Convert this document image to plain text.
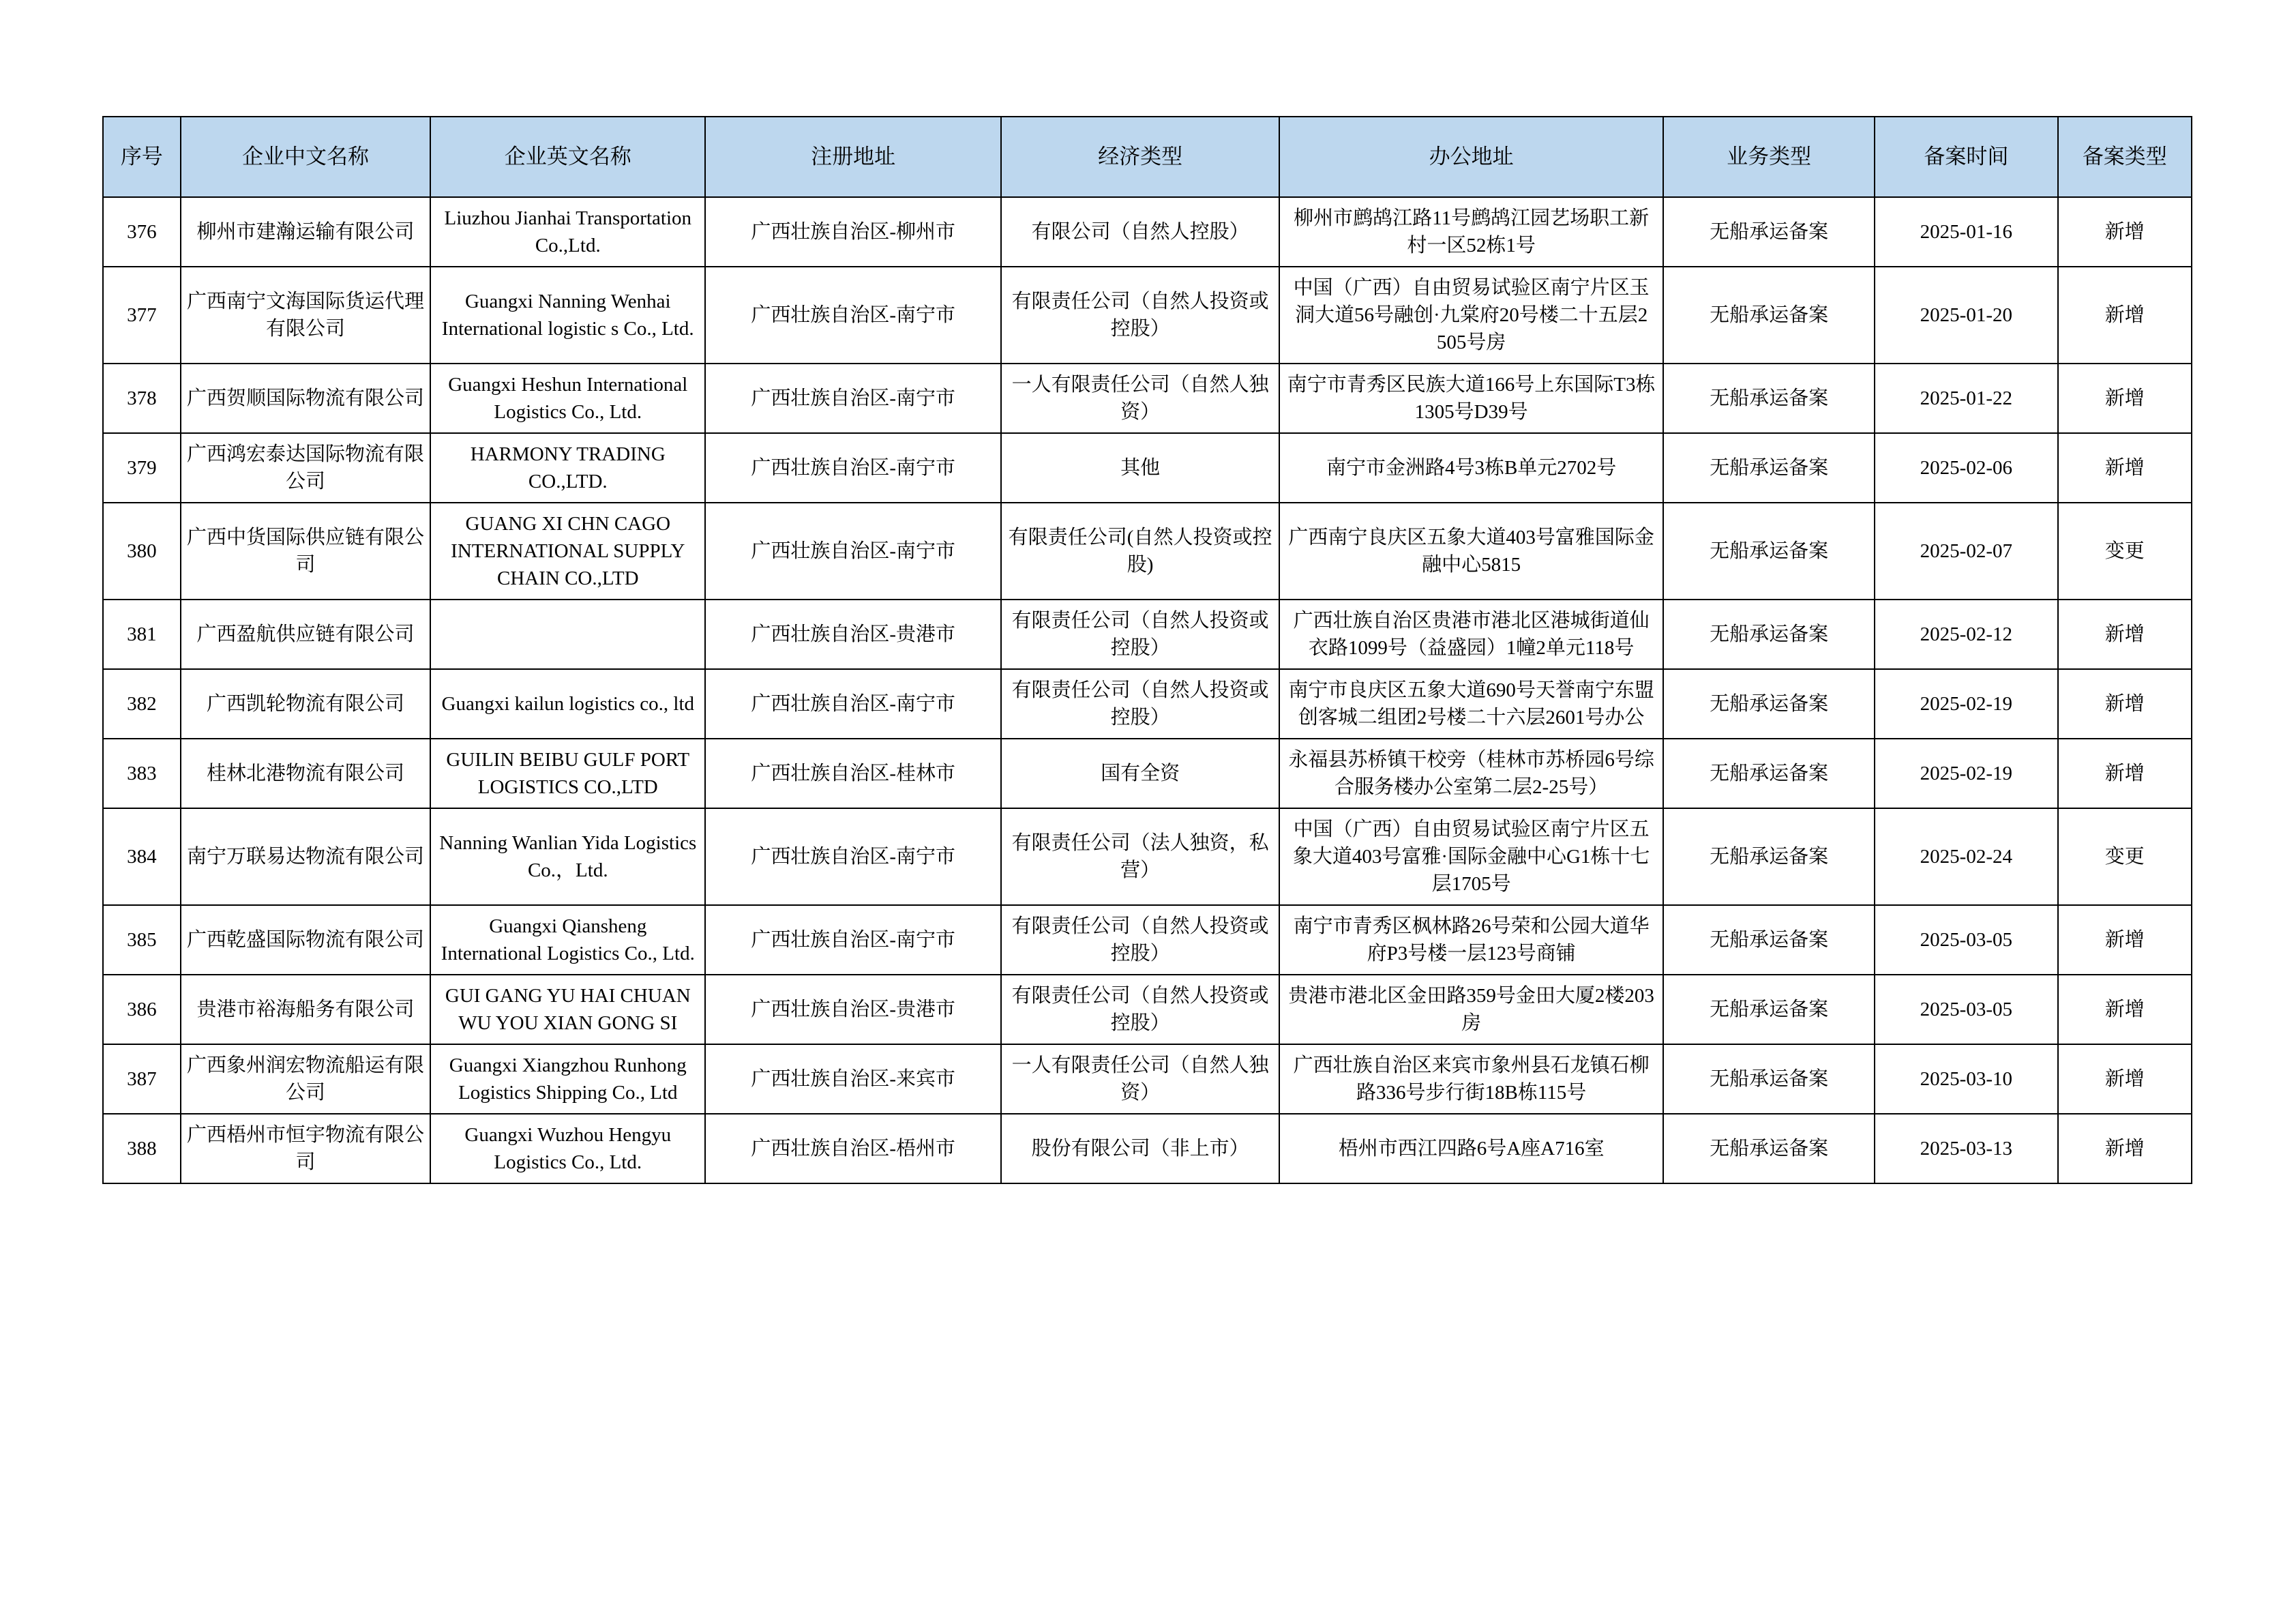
序号	企业中文名称	企业英文名称	注册地址	经济类型	办公地址	业务类型	备案时间	备案类型
376	柳州市建瀚运输有限公司	Liuzhou Jianhai Transportation Co.,Ltd.	广西壮族自治区-柳州市	有限公司（自然人控股）	柳州市鹧鸪江路11号鹧鸪江园艺场职工新村一区52栋1号	无船承运备案	2025-01-16	新增
377	广西南宁文海国际货运代理有限公司	Guangxi Nanning Wenhai International logistic s Co., Ltd.	广西壮族自治区-南宁市	有限责任公司（自然人投资或控股）	中国（广西）自由贸易试验区南宁片区玉洞大道56号融创·九棠府20号楼二十五层2 505号房	无船承运备案	2025-01-20	新增
378	广西贺顺国际物流有限公司	Guangxi Heshun International Logistics Co., Ltd.	广西壮族自治区-南宁市	一人有限责任公司（自然人独资）	南宁市青秀区民族大道166号上东国际T3栋1305号D39号	无船承运备案	2025-01-22	新增
379	广西鸿宏泰达国际物流有限公司	HARMONY TRADING CO.,LTD.	广西壮族自治区-南宁市	其他	南宁市金洲路4号3栋B单元2702号	无船承运备案	2025-02-06	新增
380	广西中货国际供应链有限公司	GUANG XI CHN CAGO INTERNATIONAL SUPPLY CHAIN CO.,LTD	广西壮族自治区-南宁市	有限责任公司(自然人投资或控股)	广西南宁良庆区五象大道403号富雅国际金融中心5815	无船承运备案	2025-02-07	变更
381	广西盈航供应链有限公司		广西壮族自治区-贵港市	有限责任公司（自然人投资或控股）	广西壮族自治区贵港市港北区港城街道仙衣路1099号（益盛园）1幢2单元118号	无船承运备案	2025-02-12	新增
382	广西凯轮物流有限公司	Guangxi kailun logistics co., ltd	广西壮族自治区-南宁市	有限责任公司（自然人投资或控股）	南宁市良庆区五象大道690号天誉南宁东盟创客城二组团2号楼二十六层2601号办公	无船承运备案	2025-02-19	新增
383	桂林北港物流有限公司	GUILIN BEIBU GULF PORT LOGISTICS CO.,LTD	广西壮族自治区-桂林市	国有全资	永福县苏桥镇干校旁（桂林市苏桥园6号综合服务楼办公室第二层2-25号）	无船承运备案	2025-02-19	新增
384	南宁万联易达物流有限公司	Nanning Wanlian Yida Logistics Co.，Ltd.	广西壮族自治区-南宁市	有限责任公司（法人独资，私营）	中国（广西）自由贸易试验区南宁片区五象大道403号富雅·国际金融中心G1栋十七层1705号	无船承运备案	2025-02-24	变更
385	广西乾盛国际物流有限公司	Guangxi Qiansheng International Logistics Co., Ltd.	广西壮族自治区-南宁市	有限责任公司（自然人投资或控股）	南宁市青秀区枫林路26号荣和公园大道华府P3号楼一层123号商铺	无船承运备案	2025-03-05	新增
386	贵港市裕海船务有限公司	GUI GANG YU HAI CHUAN WU YOU XIAN GONG SI	广西壮族自治区-贵港市	有限责任公司（自然人投资或控股）	贵港市港北区金田路359号金田大厦2楼203房	无船承运备案	2025-03-05	新增
387	广西象州润宏物流船运有限公司	Guangxi Xiangzhou Runhong Logistics Shipping Co., Ltd	广西壮族自治区-来宾市	一人有限责任公司（自然人独资）	广西壮族自治区来宾市象州县石龙镇石柳路336号步行街18B栋115号	无船承运备案	2025-03-10	新增
388	广西梧州市恒宇物流有限公司	Guangxi Wuzhou Hengyu Logistics Co., Ltd.	广西壮族自治区-梧州市	股份有限公司（非上市）	梧州市西江四路6号A座A716室	无船承运备案	2025-03-13	新增
